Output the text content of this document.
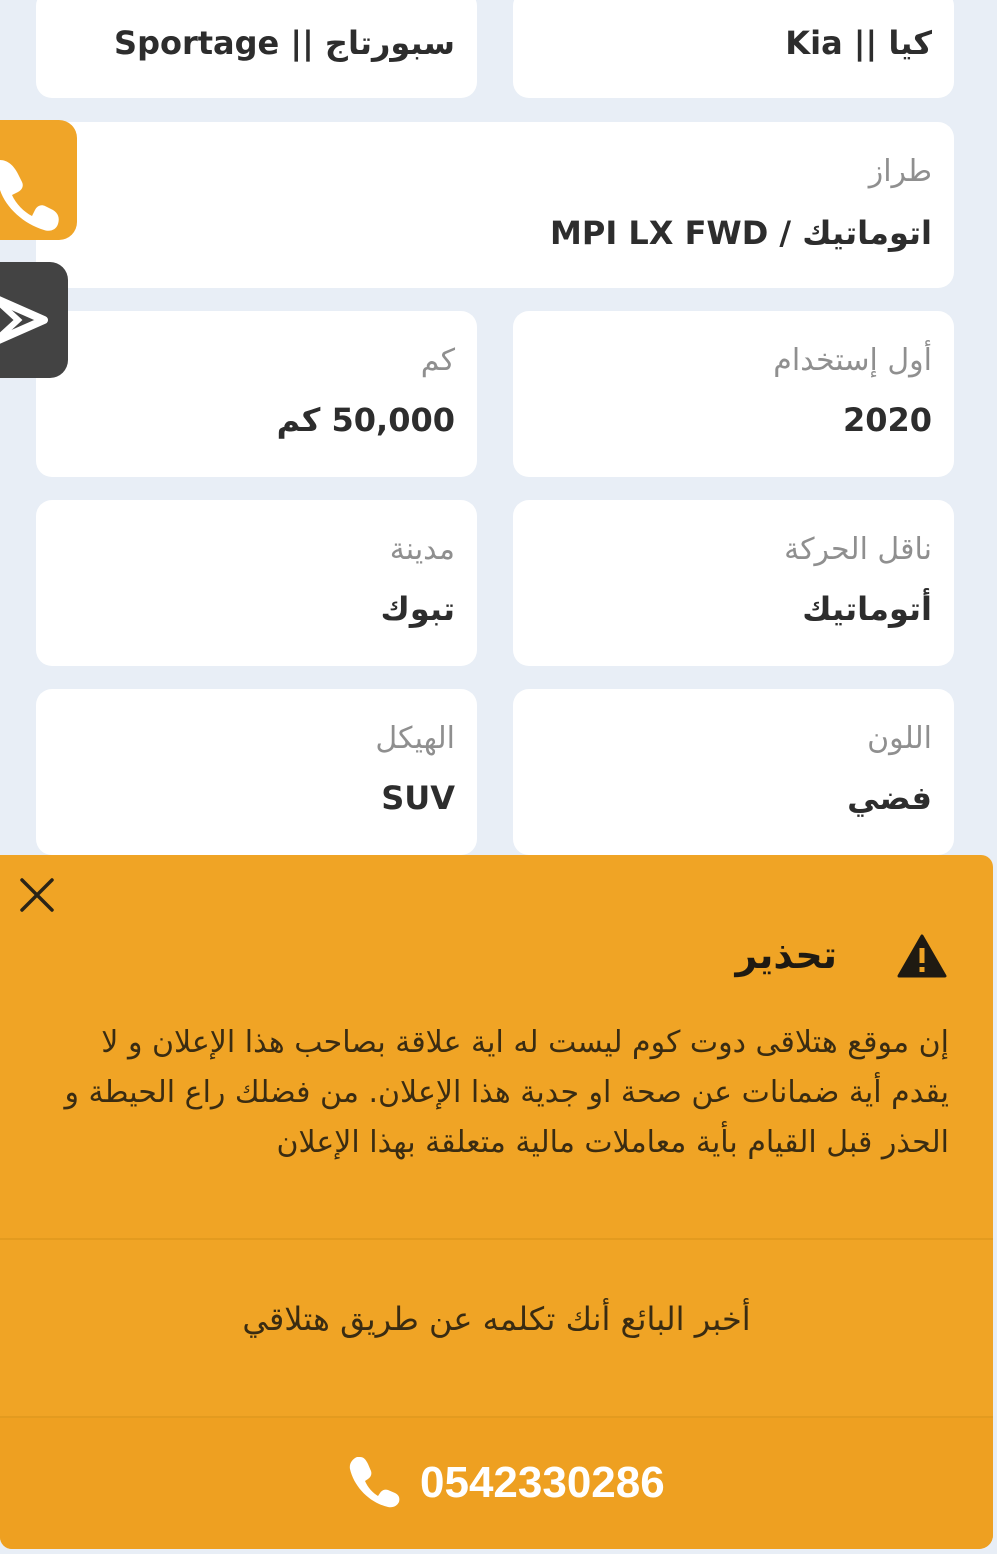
سبورتاج || Sportage	كيا || Kia
طراز
اتوماتيك / MPI LX FWD
كم
50,000 كم
أول إستخدام
2020
مدينة
تبوك
ناقل الحركة
أتوماتيك
الهيكل
SUV
اللون
فضي
تحذير
إن موقع هتلاقى دوت كوم ليست له اية علاقة بصاحب هذا الإعلان و لا يقدم أية ضمانات عن صحة او جدية هذا الإعلان. من فضلك راع الحيطة و الحذر قبل القيام بأية معاملات مالية متعلقة بهذا الإعلان
أخبر البائع أنك تكلمه عن طريق هتلاقي
0542330286
